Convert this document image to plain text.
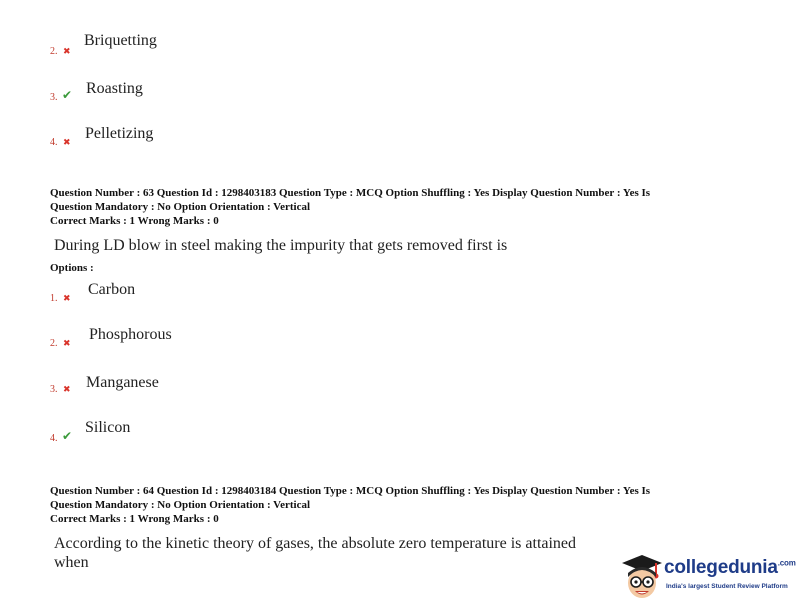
2. ✖
Briquetting
3. ✔ Roasting
4. ✖ Pelletizing
Question Number : 63 Question Id : 1298403183 Question Type : MCQ Option Shuffling : Yes Display Question Number : Yes Is
Question Mandatory : No Option Orientation : Vertical
Correct Marks : 1 Wrong Marks : 0
During LD blow in steel making the impurity that gets removed first is
Options :
1. ✖ Carbon
2. ✖ Phosphorous
3. ✖ Manganese
4. ✔ Silicon
Question Number : 64 Question Id : 1298403184 Question Type : MCQ Option Shuffling : Yes Display Question Number : Yes Is
Question Mandatory : No Option Orientation : Vertical
Correct Marks : 1 Wrong Marks : 0
According to the kinetic theory of gases, the absolute zero temperature is attained
when	collegedunia$^{.com}$
India's largest Student Review Platform
